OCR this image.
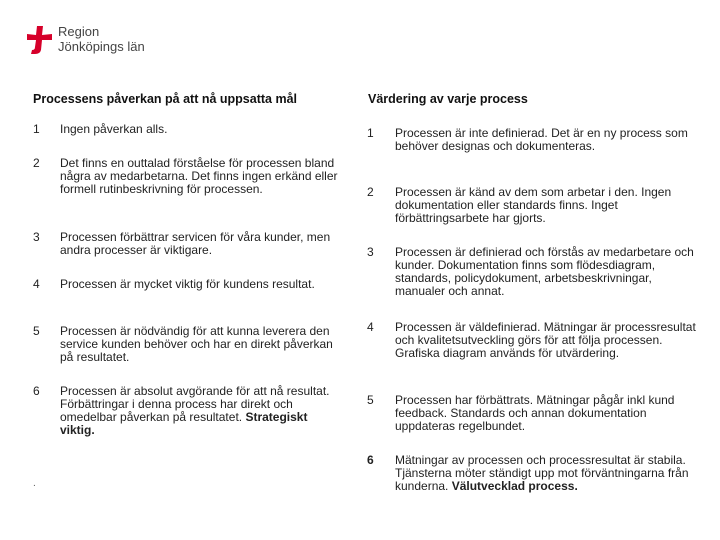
Region
Jönköpings län
Processens påverkan på att nå uppsatta mål	Värdering av varje process
1 Ingen påverkan alls.
2 Det finns en outtalad förståelse för processen bland några av medarbetarna. Det finns ingen erkänd eller formell rutinbeskrivning för processen.
3 Processen förbättrar servicen för våra kunder, men andra processer är viktigare.
4 Processen är mycket viktig för kundens resultat.
5 Processen är nödvändig för att kunna leverera den service kunden behöver och har en direkt påverkan på resultatet.
6 Processen är absolut avgörande för att nå resultat. Förbättringar i denna process har direkt och omedelbar påverkan på resultatet. Strategiskt viktig.
.
1 Processen är inte definierad. Det är en ny process som behöver designas och dokumenteras.
2 Processen är känd av dem som arbetar i den. Ingen dokumentation eller standards finns. Inget förbättringsarbete har gjorts.
3 Processen är definierad och förstås av medarbetare och kunder. Dokumentation finns som flödesdiagram, standards, policydokument, arbetsbeskrivningar, manualer och annat.
4 Processen är väldefinierad. Mätningar är processresultat och kvalitetsutveckling görs för att följa processen. Grafiska diagram används för utvärdering.
5 Processen har förbättrats. Mätningar pågår inkl kund feedback. Standards och annan dokumentation uppdateras regelbundet.
6 Mätningar av processen och processresultat är stabila. Tjänsterna möter ständigt upp mot förväntningarna från kunderna. Välutvecklad process.
